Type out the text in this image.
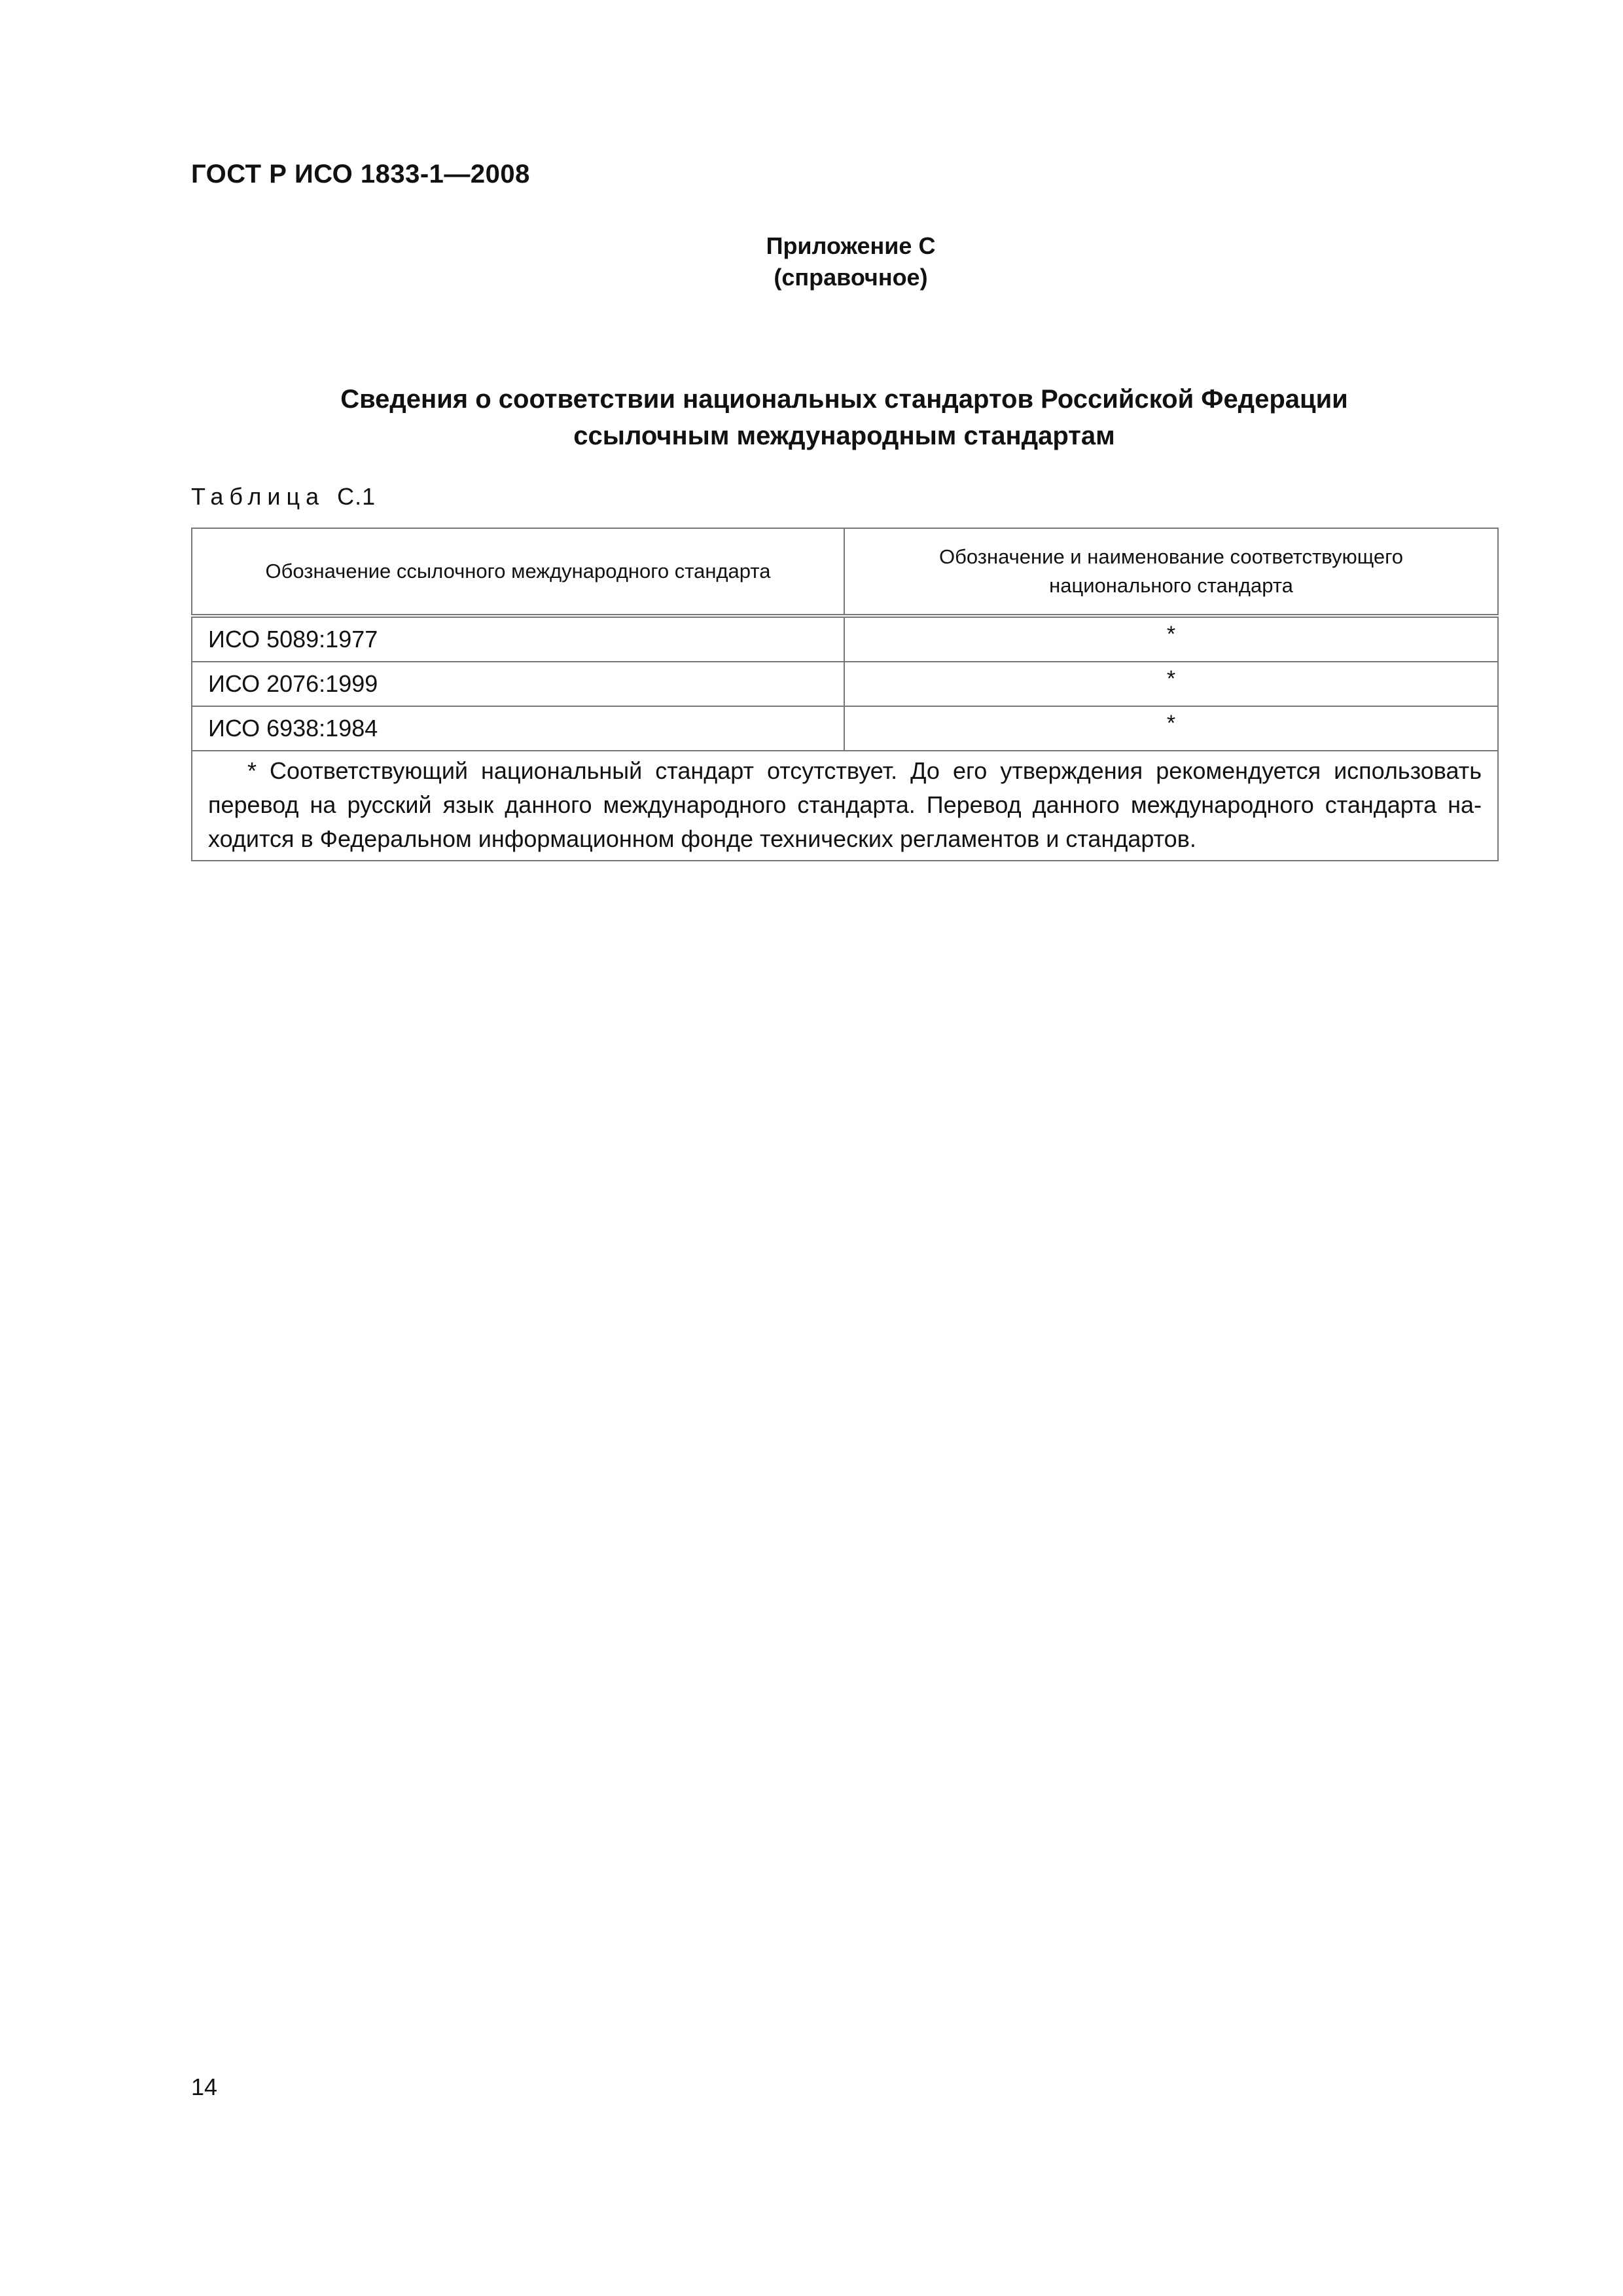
ГОСТ Р ИСО 1833-1—2008
Приложение С
(справочное)
Сведения о соответствии национальных стандартов Российской Федерации
ссылочным международным стандартам
Таблица С.1
Обозначение ссылочного международного стандарта	Обозначение и наименование соответствующего национального стандарта
ИСО 5089:1977	*
ИСО 2076:1999	*
ИСО 6938:1984	*

* Соответствующий национальный стандарт отсутствует. До его утверждения рекомендуется использовать
перевод на русский язык данного международного стандарта. Перевод данного международного стандарта на-
ходится в Федеральном информационном фонде технических регламентов и стандартов.	
14
